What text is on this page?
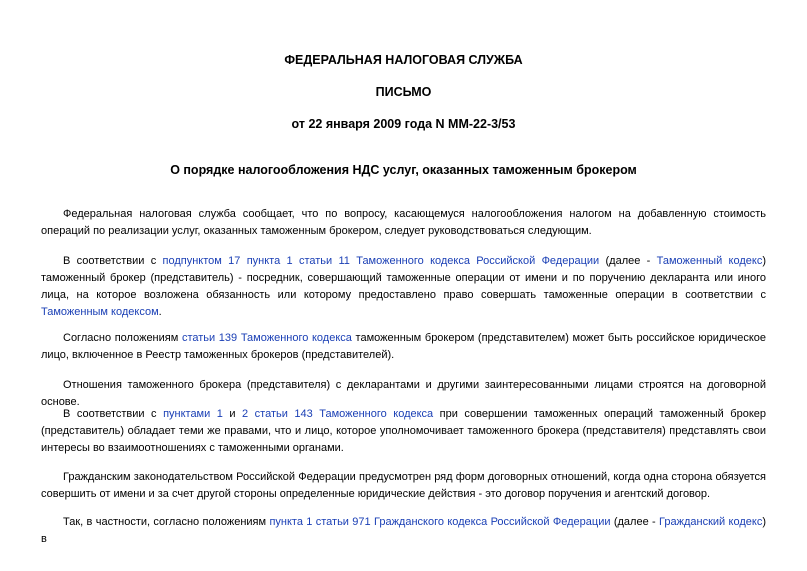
ФЕДЕРАЛЬНАЯ НАЛОГОВАЯ СЛУЖБА
ПИСЬМО
от 22 января 2009 года N ММ-22-3/53
О порядке налогообложения НДС услуг, оказанных таможенным брокером
Федеральная налоговая служба сообщает, что по вопросу, касающемуся налогообложения налогом на добавленную стоимость операций по реализации услуг, оказанных таможенным брокером, следует руководствоваться следующим.
В соответствии с подпунктом 17 пункта 1 статьи 11 Таможенного кодекса Российской Федерации (далее - Таможенный кодекс) таможенный брокер (представитель) - посредник, совершающий таможенные операции от имени и по поручению декларанта или иного лица, на которое возложена обязанность или которому предоставлено право совершать таможенные операции в соответствии с Таможенным кодексом.
Согласно положениям статьи 139 Таможенного кодекса таможенным брокером (представителем) может быть российское юридическое лицо, включенное в Реестр таможенных брокеров (представителей).
Отношения таможенного брокера (представителя) с декларантами и другими заинтересованными лицами строятся на договорной основе.
В соответствии с пунктами 1 и 2 статьи 143 Таможенного кодекса при совершении таможенных операций таможенный брокер (представитель) обладает теми же правами, что и лицо, которое уполномочивает таможенного брокера (представителя) представлять свои интересы во взаимоотношениях с таможенными органами.
Гражданским законодательством Российской Федерации предусмотрен ряд форм договорных отношений, когда одна сторона обязуется совершить от имени и за счет другой стороны определенные юридические действия - это договор поручения и агентский договор.
Так, в частности, согласно положениям пункта 1 статьи 971 Гражданского кодекса Российской Федерации (далее - Гражданский кодекс) в
